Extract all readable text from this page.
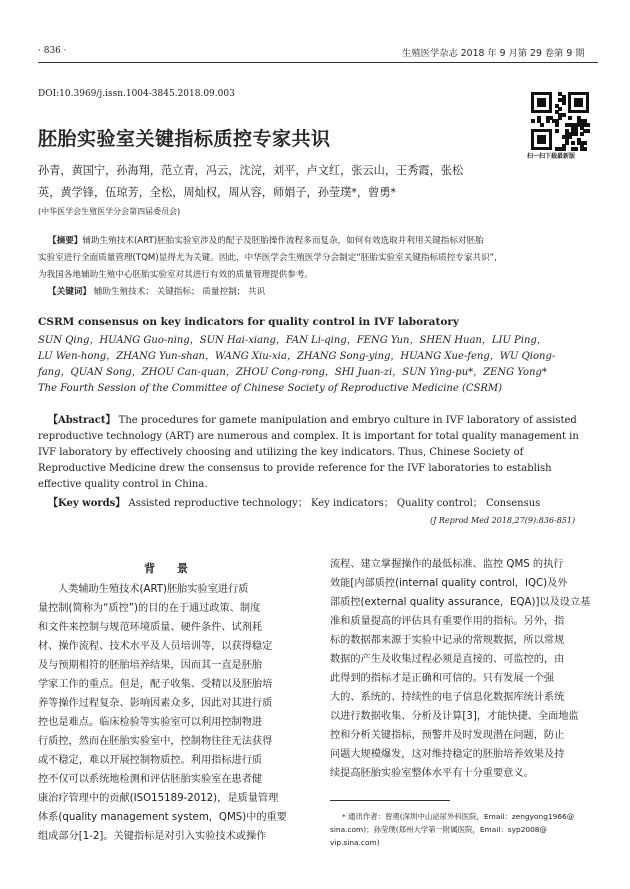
· 836 ·	生殖医学杂志 2018 年 9 月第 29 卷第 9 期
DOI:10.3969/j.issn.1004-3845.2018.09.003
扫一扫下载最新版
胚胎实验室关键指标质控专家共识
孙青，黄国宁，孙海翔，范立青，冯云，沈浣，刘平，卢文红，张云山，王秀霞，张松英，黄学锋，伍琼芳，全松，周灿权，周从容，师娟子，孙莹璞*，曾勇*
(中华医学会生殖医学分会第四届委员会)
【摘要】辅助生殖技术(ART)胚胎实验室涉及的配子及胚胎操作流程多而复杂，如何有效选取并利用关键指标对胚胎
实验室进行全面质量管理(TQM)显得尤为关键。因此，中华医学会生殖医学分会制定“胚胎实验室关键指标质控专家共识”，
为我国各地辅助生殖中心胚胎实验室对其进行有效的质量管理提供参考。
【关键词】 辅助生殖技术； 关键指标； 质量控制； 共识
CSRM consensus on key indicators for quality control in IVF laboratory
SUN Qing，HUANG Guo-ning，SUN Hai-xiang，FAN Li-qing，FENG Yun，SHEN Huan，LIU Ping，
LU Wen-hong，ZHANG Yun-shan，WANG Xiu-xia，ZHANG Song-ying，HUANG Xue-feng，WU Qiong-
fang，QUAN Song，ZHOU Can-quan，ZHOU Cong-rong，SHI Juan-zi，SUN Ying-pu*，ZENG Yong*
The Fourth Session of the Committee of Chinese Society of Reproductive Medicine (CSRM)
【Abstract】 The procedures for gamete manipulation and embryo culture in IVF laboratory of assisted
reproductive technology (ART) are numerous and complex. It is important for total quality management in
IVF laboratory by effectively choosing and utilizing the key indicators. Thus, Chinese Society of
Reproductive Medicine drew the consensus to provide reference for the IVF laboratories to establish
effective quality control in China.
【Key words】 Assisted reproductive technology； Key indicators； Quality control； Consensus
(J Reprod Med 2018,27(9):836-851)
背　　景
人类辅助生殖技术(ART)胚胎实验室进行质
量控制(简称为“质控”)的目的在于通过政策、制度
和文件来控制与规范环境质量、硬件条件、试剂耗
材、操作流程、技术水平及人员培训等，以获得稳定
及与预期相符的胚胎培养结果，因而其一直是胚胎
学家工作的重点。但是，配子收集、受精以及胚胎培
养等操作过程复杂、影响因素众多，因此对其进行质
控也是难点。临床检验等实验室可以利用控制物进
行质控，然而在胚胎实验室中，控制物往往无法获得
或不稳定，难以开展控制物质控。利用指标进行质
控不仅可以系统地检测和评估胚胎实验室在患者健
康治疗管理中的贡献(ISO15189-2012)，是质量管理
体系(quality management system，QMS)中的重要
组成部分[1-2]。关键指标是对引入实验技术或操作
流程、建立掌握操作的最低标准、监控 QMS 的执行
效能[内部质控(internal quality control，IQC)及外
部质控(external quality assurance，EQA)]以及设立基
准和质量提高的评估具有重要作用的指标。另外，指
标的数据都来源于实验中记录的常规数据，所以常规
数据的产生及收集过程必须是直接的、可监控的，由
此得到的指标才是正确和可信的。只有发展一个强
大的、系统的、持续性的电子信息化数据库统计系统
以进行数据收集、分析及计算[3]，才能快捷、全面地监
控和分析关键指标，预警并及时发现潜在问题，防止
问题大规模爆发，这对维持稳定的胚胎培养效果及持
续提高胚胎实验室整体水平有十分重要意义。
* 通讯作者：曾勇(深圳中山泌尿外科医院，Email：zengyong1966@
sina.com)；孙莹璞(郑州大学第一附属医院，Email：syp2008@
vip.sina.com)
